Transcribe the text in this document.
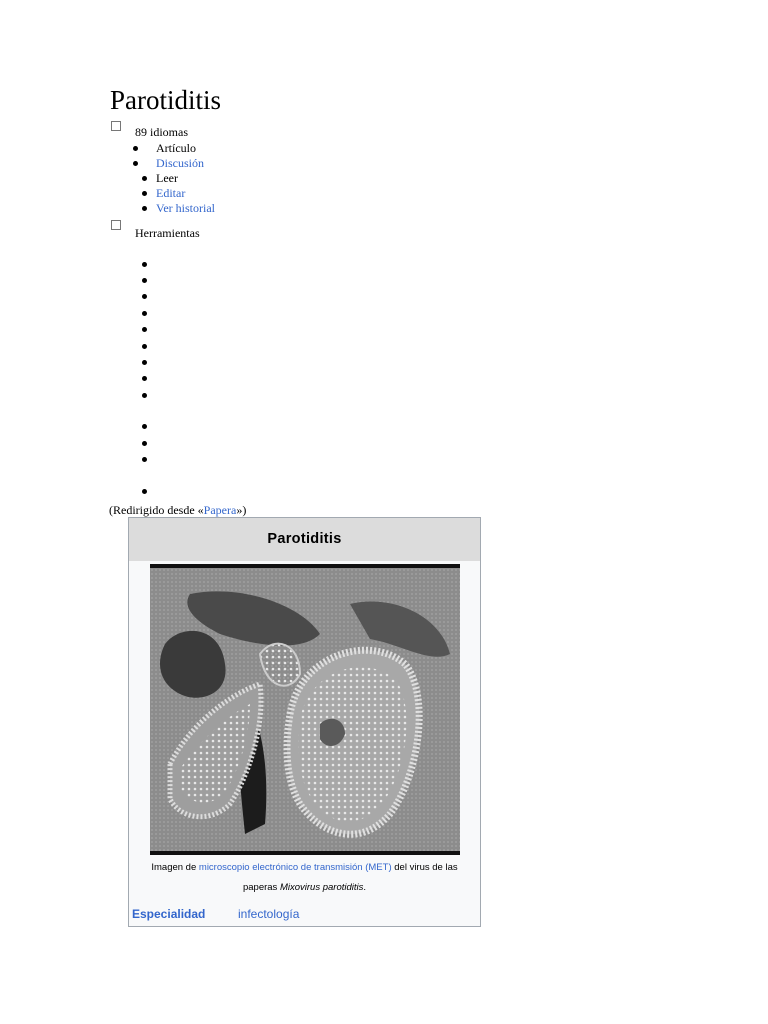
Parotiditis
89 idiomas
Artículo
Discusión
Leer
Editar
Ver historial
Herramientas
(Redirigido desde «Papera»)
Parotiditis
Imagen de microscopio electrónico de transmisión (MET) del virus de las paperas Mixovirus parotiditis.
Especialidad	infectología
